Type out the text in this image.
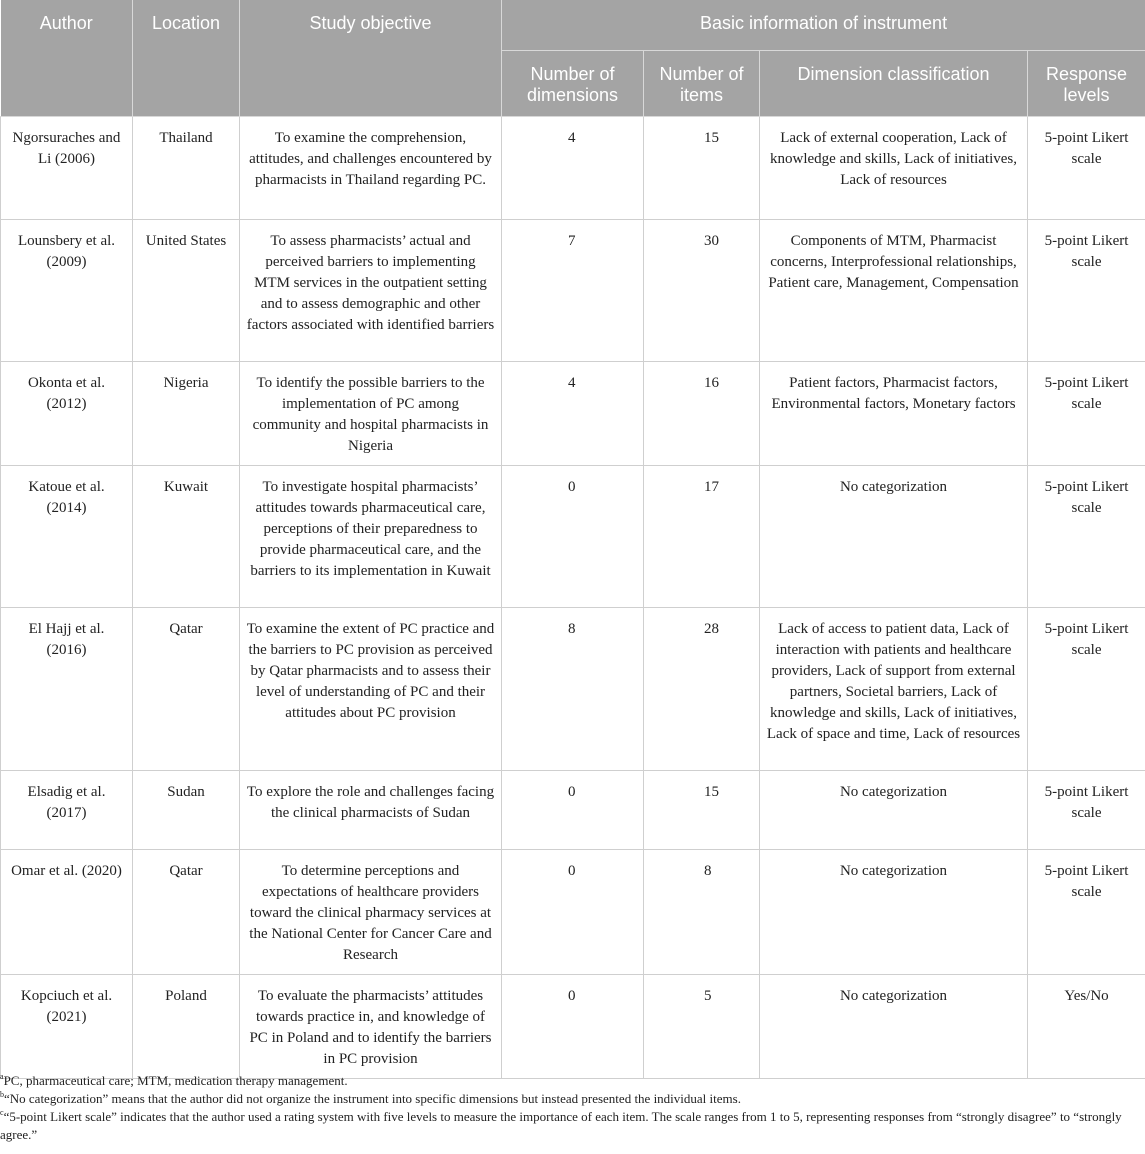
Author	Location	Study objective	Basic information of instrument			
			Number of dimensions	Number of items	Dimension classification	Response levels
Ngorsuraches and Li (2006)	Thailand	To examine the comprehension, attitudes, and challenges encountered by pharmacists in Thailand regarding PC.	4	15	Lack of external cooperation, Lack of knowledge and skills, Lack of initiatives, Lack of resources	5-point Likert scale
Lounsbery et al. (2009)	United States	To assess pharmacists’ actual and perceived barriers to implementing MTM services in the outpatient setting and to assess demographic and other factors associated with identified barriers	7	30	Components of MTM, Pharmacist concerns, Interprofessional relationships, Patient care, Management, Compensation	5-point Likert scale
Okonta et al. (2012)	Nigeria	To identify the possible barriers to the implementation of PC among community and hospital pharmacists in Nigeria	4	16	Patient factors, Pharmacist factors, Environmental factors, Monetary factors	5-point Likert scale
Katoue et al. (2014)	Kuwait	To investigate hospital pharmacists’ attitudes towards pharmaceutical care, perceptions of their preparedness to provide pharmaceutical care, and the barriers to its implementation in Kuwait	0	17	No categorization	5-point Likert scale
El Hajj et al. (2016)	Qatar	To examine the extent of PC practice and the barriers to PC provision as perceived by Qatar pharmacists and to assess their level of understanding of PC and their attitudes about PC provision	8	28	Lack of access to patient data, Lack of interaction with patients and healthcare providers, Lack of support from external partners, Societal barriers, Lack of knowledge and skills, Lack of initiatives, Lack of space and time, Lack of resources	5-point Likert scale
Elsadig et al. (2017)	Sudan	To explore the role and challenges facing the clinical pharmacists of Sudan	0	15	No categorization	5-point Likert scale
Omar et al. (2020)	Qatar	To determine perceptions and expectations of healthcare providers toward the clinical pharmacy services at the National Center for Cancer Care and Research	0	8	No categorization	5-point Likert scale
Kopciuch et al. (2021)	Poland	To evaluate the pharmacists’ attitudes towards practice in, and knowledge of PC in Poland and to identify the barriers in PC provision	0	5	No categorization	Yes/No

$^a$PC, pharmaceutical care; MTM, medication therapy management.

$^b$“No categorization” means that the author did not organize the instrument into specific dimensions but instead presented the individual items.

$^c$“5-point Likert scale” indicates that the author used a rating system with five levels to measure the importance of each item. The scale ranges from 1 to 5, representing responses from “strongly disagree” to “strongly agree.”
